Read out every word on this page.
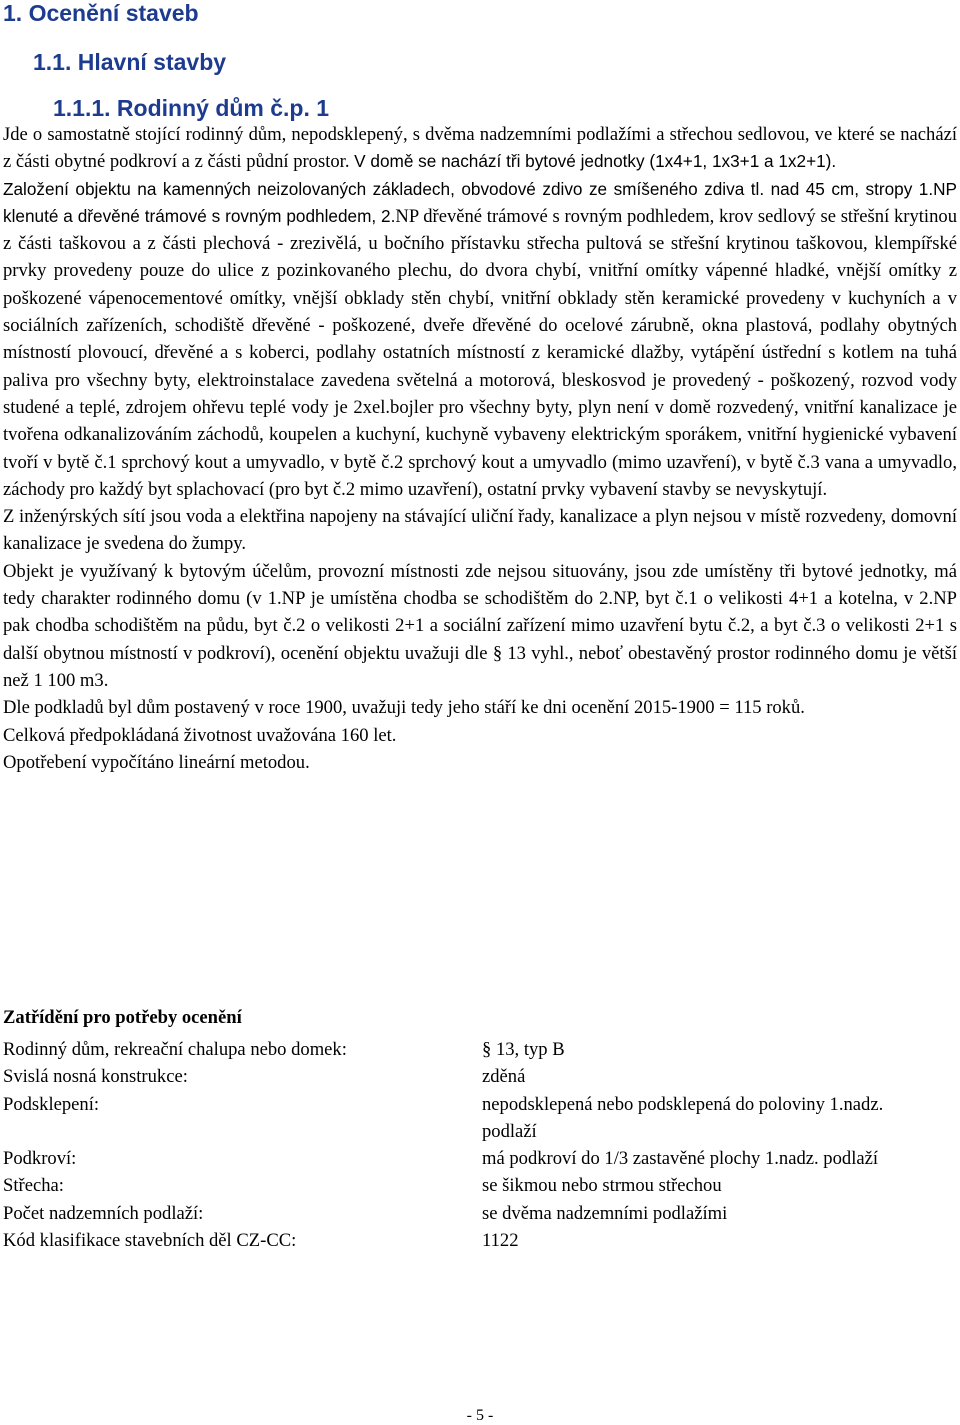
1. Ocenění staveb
1.1. Hlavní stavby
1.1.1. Rodinný dům č.p. 1

Jde o samostatně stojící rodinný dům, nepodsklepený, s dvěma nadzemními podlažími a střechou sedlovou, ve které se nachází z části obytné podkroví a z části půdní prostor. V domě se nachází tři bytové jednotky (1x4+1, 1x3+1 a 1x2+1).

Založení objektu na kamenných neizolovaných základech, obvodové zdivo ze smíšeného zdiva tl. nad 45 cm, stropy 1.NP klenuté a dřevěné trámové s rovným podhledem, 2.NP dřevěné trámové s rovným podhledem, krov sedlový se střešní krytinou z části taškovou a z části plechová - zrezivělá, u bočního přístavku střecha pultová se střešní krytinou taškovou, klempířské prvky provedeny pouze do ulice z pozinkovaného plechu, do dvora chybí, vnitřní omítky vápenné hladké, vnější omítky z poškozené vápenocementové omítky, vnější obklady stěn chybí, vnitřní obklady stěn keramické provedeny v kuchyních a v sociálních zařízeních, schodiště dřevěné - poškozené, dveře dřevěné do ocelové zárubně, okna plastová, podlahy obytných místností plovoucí, dřevěné a s koberci, podlahy ostatních místností z keramické dlažby, vytápění ústřední s kotlem na tuhá paliva pro všechny byty, elektroinstalace zavedena světelná a motorová, bleskosvod je provedený - poškozený, rozvod vody studené a teplé, zdrojem ohřevu teplé vody je 2xel.bojler pro všechny byty, plyn není v domě rozvedený, vnitřní kanalizace je tvořena odkanalizováním záchodů, koupelen a kuchyní, kuchyně vybaveny elektrickým sporákem, vnitřní hygienické vybavení tvoří v bytě č.1 sprchový kout a umyvadlo, v bytě č.2 sprchový kout a umyvadlo (mimo uzavření), v bytě č.3 vana a umyvadlo, záchody pro každý byt splachovací (pro byt č.2 mimo uzavření), ostatní prvky vybavení stavby se nevyskytují.

Z inženýrských sítí jsou voda a elektřina napojeny na stávající uliční řady, kanalizace a plyn nejsou v místě rozvedeny, domovní kanalizace je svedena do žumpy.

Objekt je využívaný k bytovým účelům, provozní místnosti zde nejsou situovány, jsou zde umístěny tři bytové jednotky, má tedy charakter rodinného domu (v 1.NP je umístěna chodba se schodištěm do 2.NP, byt č.1 o velikosti 4+1 a kotelna, v 2.NP pak chodba schodištěm na půdu, byt č.2 o velikosti 2+1 a sociální zařízení mimo uzavření bytu č.2, a byt č.3 o velikosti 2+1 s další obytnou místností v podkroví), ocenění objektu uvažuji dle § 13 vyhl., neboť obestavěný prostor rodinného domu je větší než 1 100 m3.

Dle podkladů byl dům postavený v roce 1900, uvažuji tedy jeho stáří ke dni ocenění 2015-1900 = 115 roků.

Celková předpokládaná životnost uvažována 160 let.

Opotřebení vypočítáno lineární metodou.

Zatřídění pro potřeby ocenění
Rodinný dům, rekreační chalupa nebo domek:	§ 13, typ B
Svislá nosná konstrukce:	zděná
Podsklepení:	nepodsklepená nebo podsklepená do poloviny 1.nadz. podlaží
Podkroví:	má podkroví do 1/3 zastavěné plochy 1.nadz. podlaží
Střecha:	se šikmou nebo strmou střechou
Počet nadzemních podlaží:	se dvěma nadzemními podlažími
Kód klasifikace stavebních děl CZ-CC:	1122
- 5 -
